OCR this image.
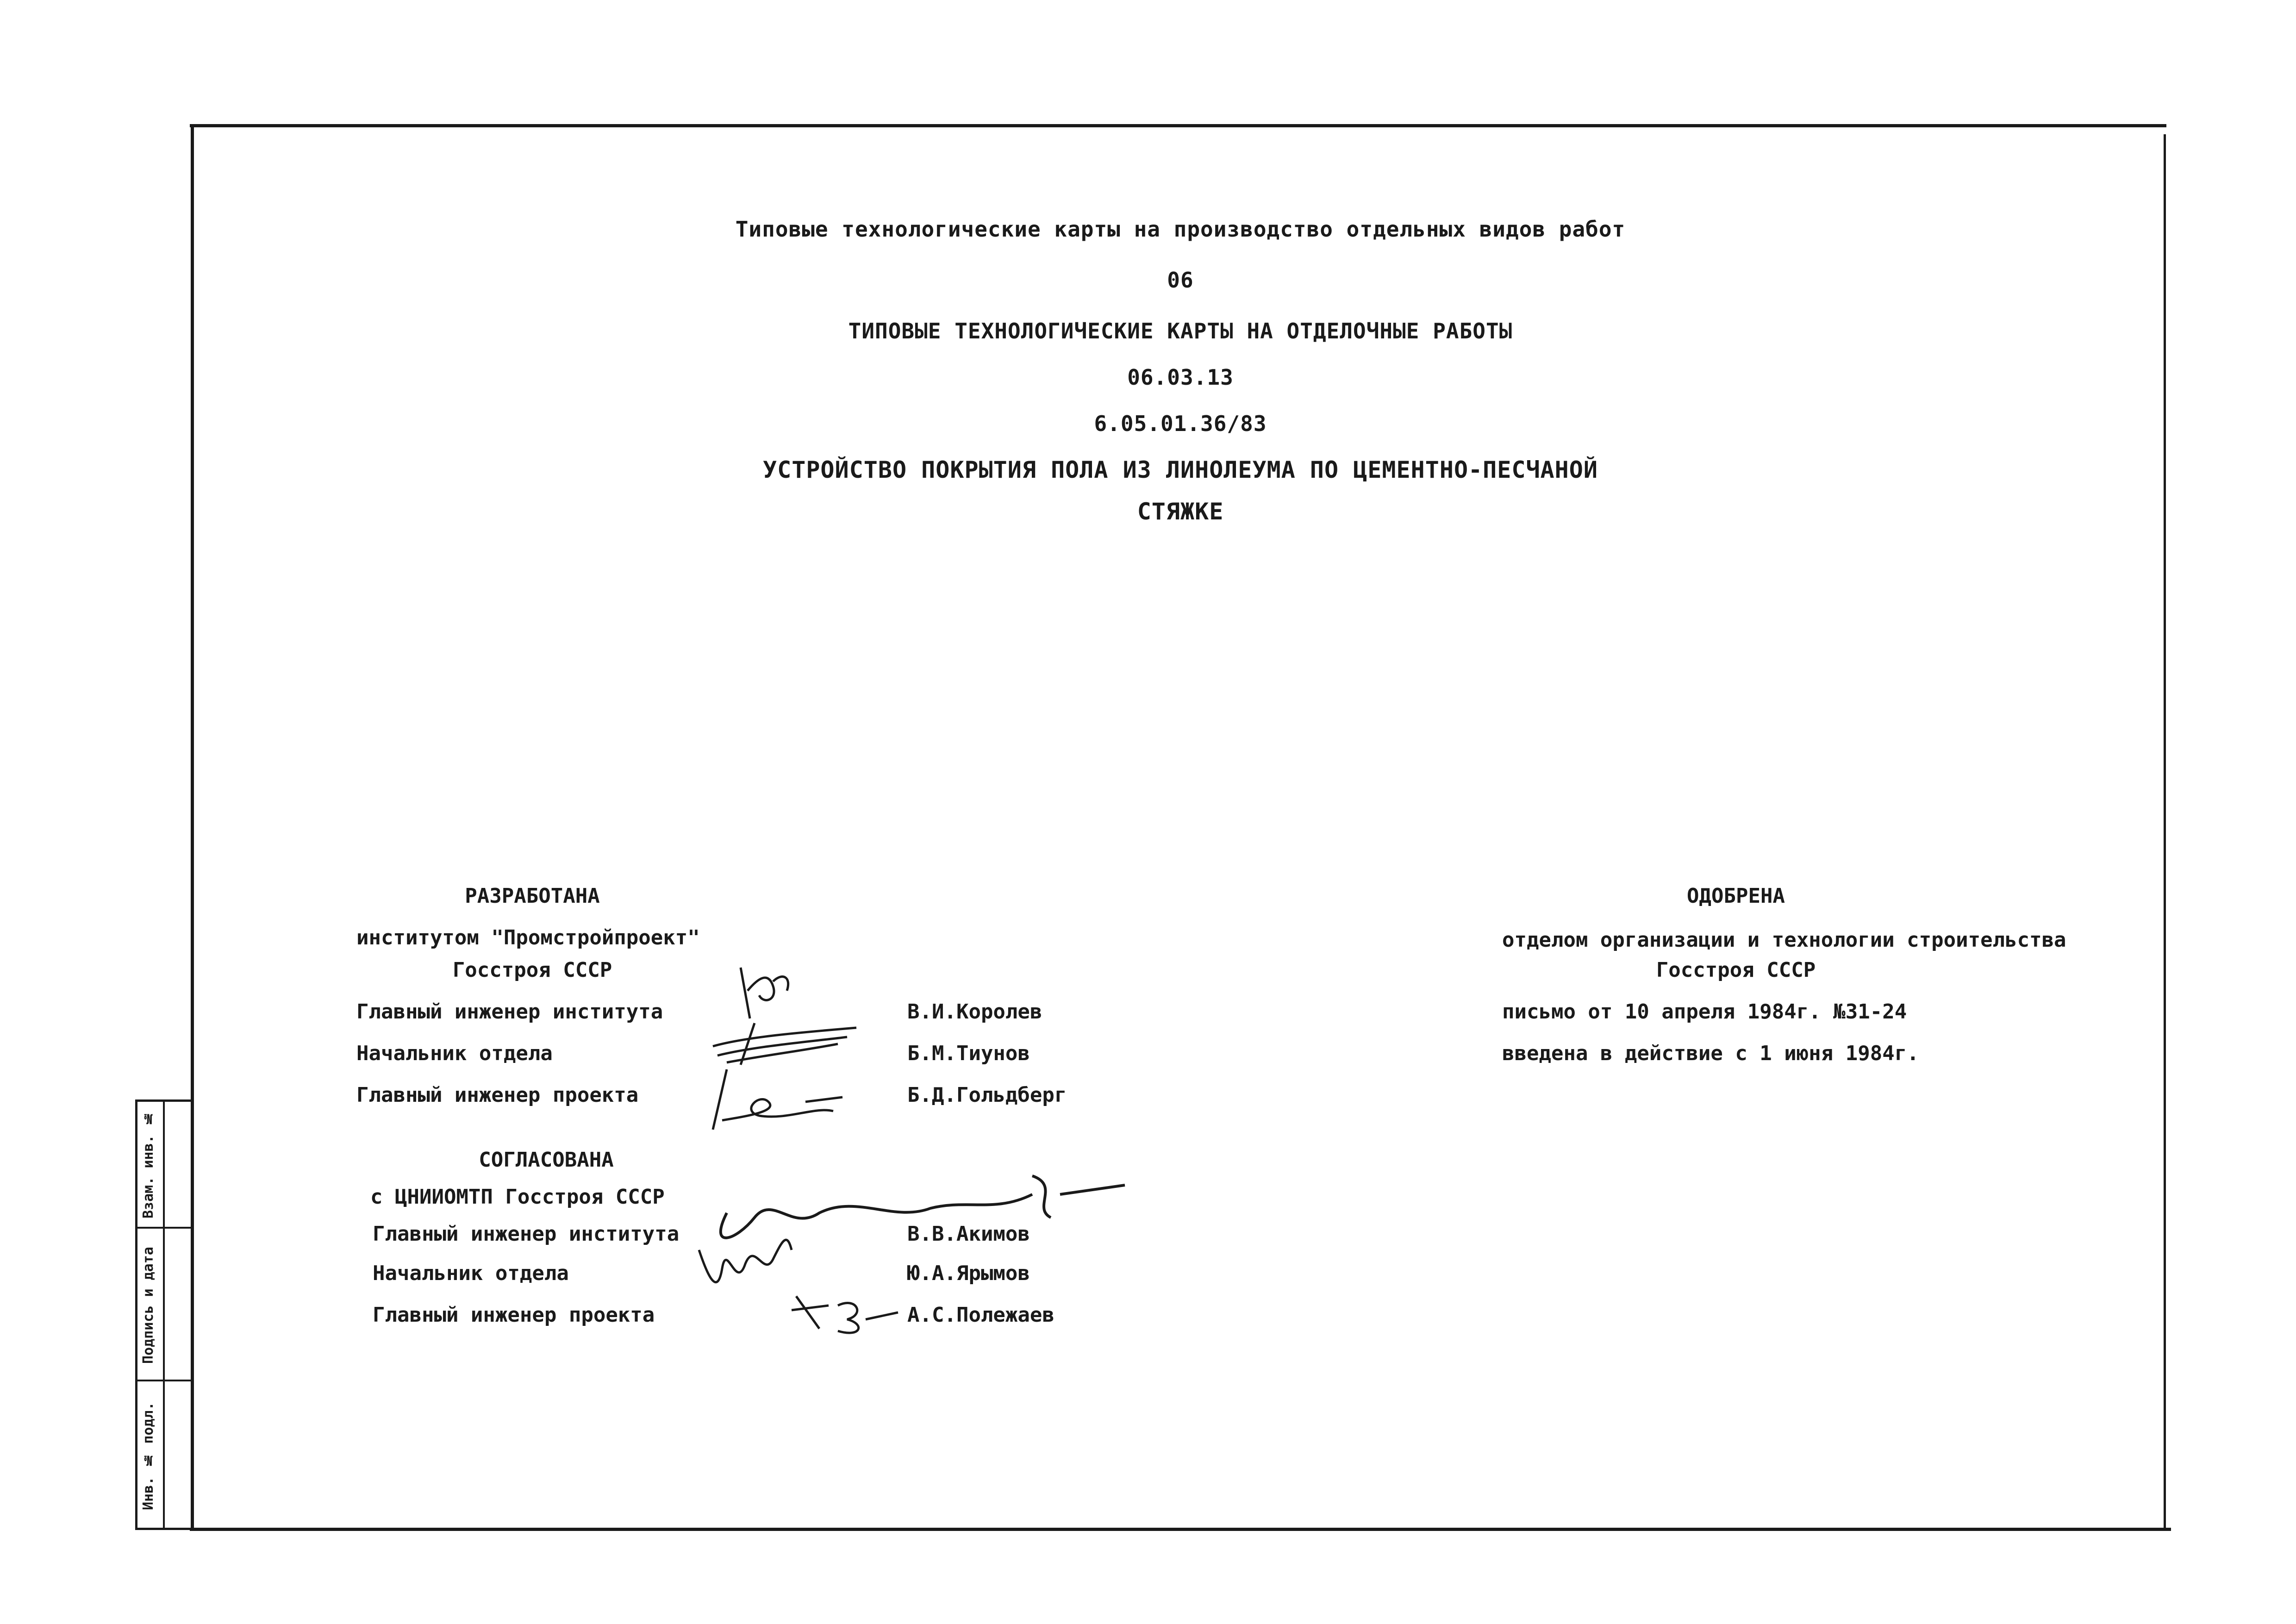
Типовые технологические карты на производство отдельных видов работ
06
ТИПОВЫЕ ТЕХНОЛОГИЧЕСКИЕ КАРТЫ НА ОТДЕЛОЧНЫЕ РАБОТЫ
06.03.13
6.05.01.36/83
УСТРОЙСТВО ПОКРЫТИЯ ПОЛА ИЗ ЛИНОЛЕУМА ПО ЦЕМЕНТНО-ПЕСЧАНОЙ
СТЯЖКЕ
РАЗРАБОТАНА
институтом "Промстройпроект"
Госстроя СССР
Главный инженер института	В.И.Королев
Начальник отдела	Б.М.Тиунов
Главный инженер проекта	Б.Д.Гольдберг
СОГЛАСОВАНА
с ЦНИИОМТП Госстроя СССР
Главный инженер института	В.В.Акимов
Начальник отдела	Ю.А.Ярымов
Главный инженер проекта	А.С.Полежаев
ОДОБРЕНА
отделом организации и технологии строительства
Госстроя СССР
письмо от 10 апреля 1984г. №31-24
введена в действие с 1 июня 1984г.
Инв. № подл.
Подпись и дата
Взам. инв. №
